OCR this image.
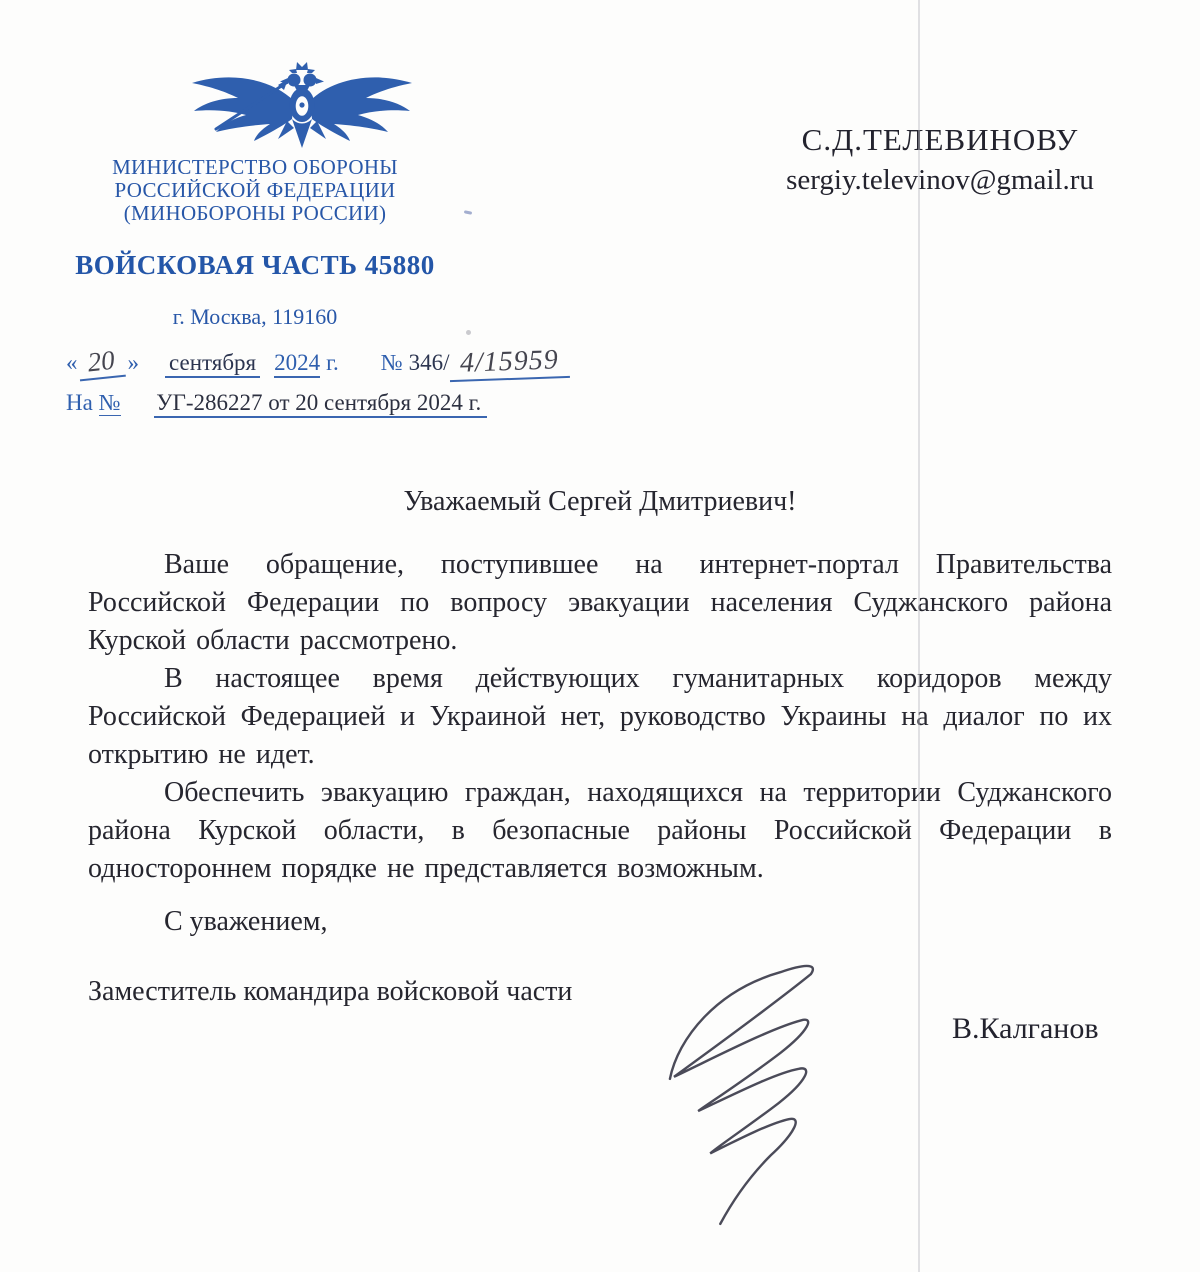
МИНИСТЕРСТВО ОБОРОНЫ
РОССИЙСКОЙ ФЕДЕРАЦИИ
(МИНОБОРОНЫ РОССИИ)
ВОЙСКОВАЯ ЧАСТЬ 45880
г. Москва, 119160
« 20 » сентября 2024 г. № 346/ 4/15959
На № УГ-286227 от 20 сентября 2024 г.
С.Д.ТЕЛЕВИНОВУ
sergiy.televinov@gmail.ru
Уважаемый Сергей Дмитриевич!

Ваше обращение, поступившее на интернет-портал Правительства Российской Федерации по вопросу эвакуации населения Суджанского района Курской области рассмотрено.

В настоящее время действующих гуманитарных коридоров между Российской Федерацией и Украиной нет, руководство Украины на диалог по их открытию не идет.

Обеспечить эвакуацию граждан, находящихся на территории Суджанского района Курской области, в безопасные районы Российской Федерации в одностороннем порядке не представляется возможным.

С уважением,
Заместитель командира войсковой части
В.Калганов
